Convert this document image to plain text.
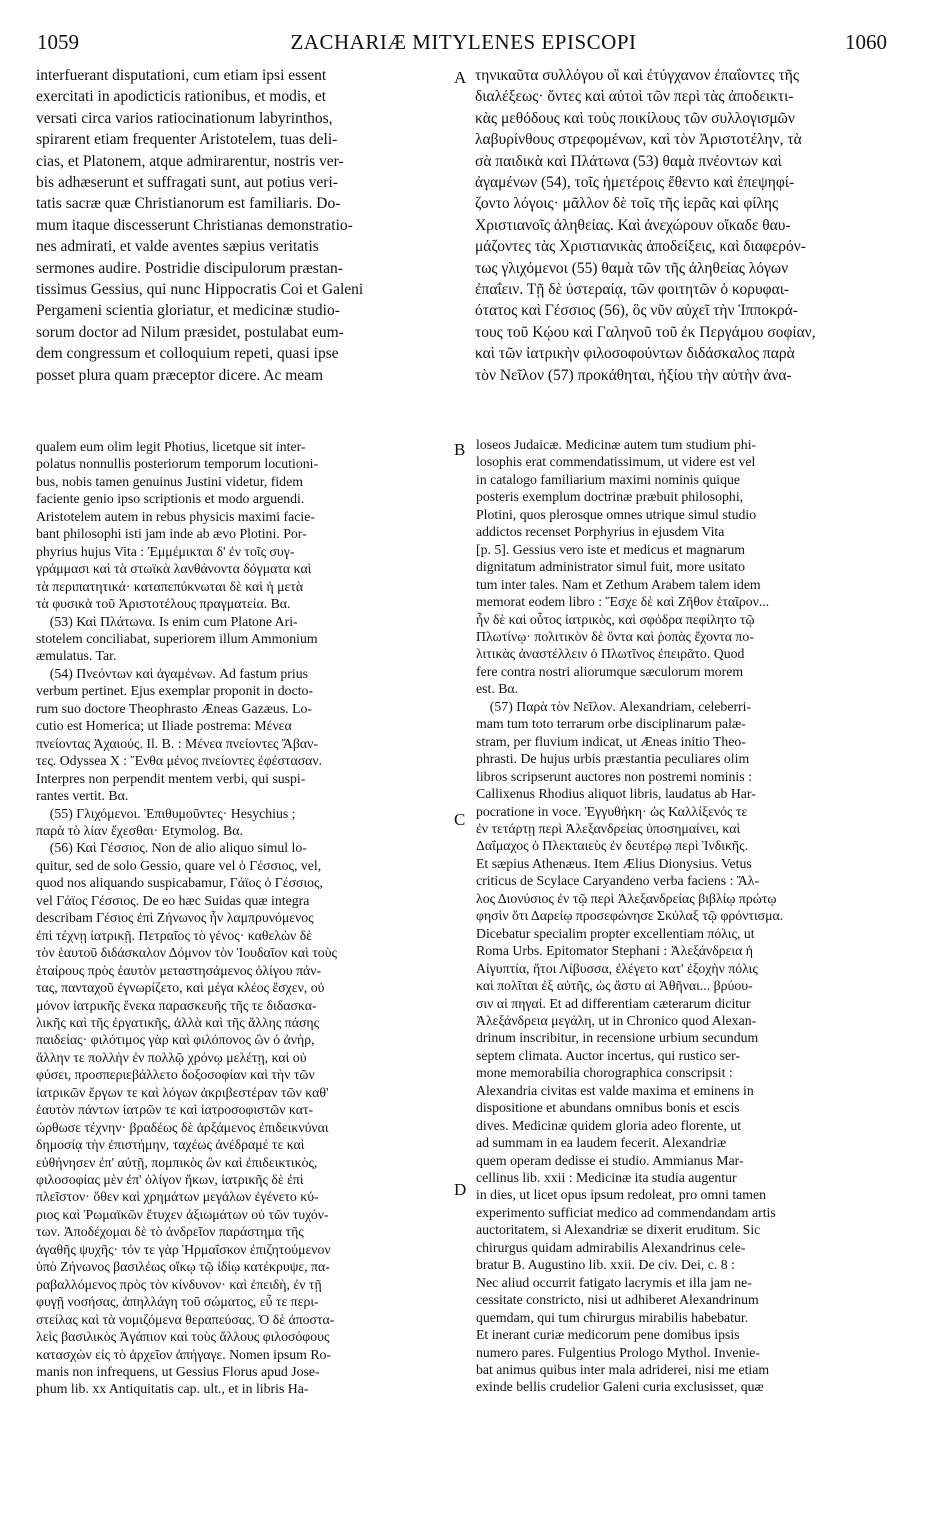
1059	ZACHARIÆ MITYLENES EPISCOPI	1060
interfuerant disputationi, cum etiam ipsi essent
exercitati in apodicticis rationibus, et modis, et
versati circa varios ratiocinationum labyrinthos,
spirarent etiam frequenter Aristotelem, tuas deli-
cias, et Platonem, atque admirarentur, nostris ver-
bis adhæserunt et suffragati sunt, aut potius veri-
tatis sacræ quæ Christianorum est familiaris. Do-
mum itaque discesserunt Christianas demonstratio-
nes admirati, et valde aventes sæpius veritatis
sermones audire. Postridie discipulorum præstan-
tissimus Gessius, qui nunc Hippocratis Coi et Galeni
Pergameni scientia gloriatur, et medicinæ studio-
sorum doctor ad Nilum præsidet, postulabat eum-
dem congressum et colloquium repeti, quasi ipse
posset plura quam præceptor dicere. Ac meam
τηνικαῦτα συλλόγου οἳ καὶ ἐτύγχανον ἐπαΐοντες τῆς
διαλέξεως· ὄντες καὶ αὐτοὶ τῶν περὶ τὰς ἀποδεικτι-
κὰς μεθόδους καὶ τοὺς ποικίλους τῶν συλλογισμῶν
λαβυρίνθους στρεφομένων, καὶ τὸν Ἀριστοτέλην, τὰ
σὰ παιδικὰ καὶ Πλάτωνα (53) θαμὰ πνέοντων καὶ
ἀγαμένων (54), τοῖς ἡμετέροις ἔθεντο καὶ ἐπεψηφί-
ζοντο λόγοις· μᾶλλον δὲ τοῖς τῆς ἱερᾶς καὶ φίλης
Χριστιανοῖς ἀληθείας. Καὶ ἀνεχώρουν οἴκαδε θαυ-
μάζοντες τὰς Χριστιανικὰς ἀποδείξεις, καὶ διαφερόν-
τως γλιχόμενοι (55) θαμὰ τῶν τῆς ἀληθείας λόγων
ἐπαΐειν. Τῇ δὲ ὑστεραίᾳ, τῶν φοιτητῶν ὁ κορυφαι-
ότατος καὶ Γέσσιος (56), ὃς νῦν αὐχεῖ τὴν Ἱπποκρά-
τους τοῦ Κῴου καὶ Γαληνοῦ τοῦ ἐκ Περγάμου σοφίαν,
καὶ τῶν ἰατρικὴν φιλοσοφούντων διδάσκαλος παρὰ
τὸν Νεῖλον (57) προκάθηται, ἠξίου τὴν αὐτὴν ἀνα-
A
B
C
D
qualem eum olim legit Photius, licetque sit inter-
polatus nonnullis posteriorum temporum locutioni-
bus, nobis tamen genuinus Justini videtur, fidem
faciente genio ipso scriptionis et modo arguendi.
Aristotelem autem in rebus physicis maximi facie-
bant philosophi isti jam inde ab ævo Plotini. Por-
phyrius hujus Vita : Ἐμμέμικται δ' ἐν τοῖς συγ-
γράμμασι καὶ τὰ στωϊκὰ λανθάνοντα δόγματα καὶ
τὰ περιπατητικά· καταπεπύκνωται δὲ καὶ ἡ μετὰ
τὰ φυσικὰ τοῦ Ἀριστοτέλους πραγματεία. Βα.
(53) Καὶ Πλάτωνα. Is enim cum Platone Ari-
stotelem conciliabat, superiorem illum Ammonium
æmulatus. Tar.
(54) Πνεόντων καὶ ἀγαμένων. Ad fastum prius
verbum pertinet. Ejus exemplar proponit in docto-
rum suo doctore Theophrasto Æneas Gazæus. Lo-
cutio est Homerica; ut Iliade postrema: Μένεα
πνείοντας Ἀχαιούς. Il. B. : Μένεα πνείοντες Ἄβαν-
τες. Odyssea X : Ἔνθα μένος πνείοντες ἐφέστασαν.
Interpres non perpendit mentem verbi, qui suspi-
rantes vertit. Βα.
(55) Γλιχόμενοι. Ἐπιθυμοῦντες· Hesychius ;
παρὰ τὸ λίαν ἔχεσθαι· Etymolog. Βα.
(56) Καὶ Γέσσιος. Non de alio aliquo simul lo-
quitur, sed de solo Gessio, quare vel ὁ Γέσσιος, vel,
quod nos aliquando suspicabamur, Γάϊος ὁ Γέσσιος,
vel Γάϊος Γέσσιος. De eo hæc Suidas quæ integra
describam Γέσιος ἐπὶ Ζήνωνος ἦν λαμπρυνόμενος
ἐπὶ τέχνῃ ἰατρικῇ. Πετραῖος τὸ γένος· καθελὼν δὲ
τὸν ἑαυτοῦ διδάσκαλον Δόμνον τὸν Ἰουδαῖον καὶ τοὺς
ἑταίρους πρὸς ἑαυτὸν μεταστησάμενος ὀλίγου πάν-
τας, πανταχοῦ ἐγνωρίζετο, καὶ μέγα κλέος ἔσχεν, οὐ
μόνον ἰατρικῆς ἕνεκα παρασκευῆς τῆς τε διδασκα-
λικῆς καὶ τῆς ἐργατικῆς, ἀλλὰ καὶ τῆς ἄλλης πάσης
παιδείας· φιλότιμος γὰρ καὶ φιλόπονος ὢν ὁ ἀνὴρ,
ἄλλην τε πολλὴν ἐν πολλῷ χρόνῳ μελέτῃ, καὶ οὐ
φύσει, προσπεριεβάλλετο δοξοσοφίαν καὶ τὴν τῶν
ἰατρικῶν ἔργων τε καὶ λόγων ἀκριβεστέραν τῶν καθ'
ἑαυτὸν πάντων ἰατρῶν τε καὶ ἰατροσοφιστῶν κατ-
ώρθωσε τέχνην· βραδέως δὲ ἀρξάμενος ἐπιδεικνύναι
δημοσίᾳ τὴν ἐπιστήμην, ταχέως ἀνέδραμέ τε καὶ
εὐθήνησεν ἐπ' αὐτῇ, πομπικὸς ὢν καὶ ἐπιδεικτικὸς,
φιλοσοφίας μὲν ἐπ' ὀλίγον ἥκων, ἰατρικῆς δὲ ἐπὶ
πλεῖστον· ὅθεν καὶ χρημάτων μεγάλων ἐγένετο κύ-
ριος καὶ Ῥωμαϊκῶν ἔτυχεν ἀξιωμάτων οὐ τῶν τυχόν-
των. Ἀποδέχομαι δὲ τὸ ἀνδρεῖον παράστημα τῆς
ἀγαθῆς ψυχῆς· τόν τε γὰρ Ἡρμαΐσκον ἐπιζητούμενον
ὑπὸ Ζήνωνος βασιλέως οἴκῳ τῷ ἰδίῳ κατέκρυψε, πα-
ραβαλλόμενος πρὸς τὸν κίνδυνον· καὶ ἐπειδὴ, ἐν τῇ
φυγῇ νοσήσας, ἀπηλλάγη τοῦ σώματος, εὖ τε περι-
στείλας καὶ τὰ νομιζόμενα θεραπεύσας. Ὁ δὲ ἀποστα-
λεὶς βασιλικὸς Ἀγάπιον καὶ τοὺς ἄλλους φιλοσόφους
κατασχὼν εἰς τὸ ἀρχεῖον ἀπήγαγε. Nomen ipsum Ro-
manis non infrequens, ut Gessius Florus apud Jose-
phum lib. xx Antiquitatis cap. ult., et in libris Ha-
loseos Judaicæ. Medicinæ autem tum studium phi-
losophis erat commendatissimum, ut videre est vel
in catalogo familiarium maximi nominis quique
posteris exemplum doctrinæ præbuit philosophi,
Plotini, quos plerosque omnes utrique simul studio
addictos recenset Porphyrius in ejusdem Vita
[p. 5]. Gessius vero iste et medicus et magnarum
dignitatum administrator simul fuit, more usitato
tum inter tales. Nam et Zethum Arabem talem idem
memorat eodem libro : Ἔσχε δὲ καὶ Ζῆθον ἑταῖρον...
ἦν δὲ καὶ οὗτος ἰατρικὸς, καὶ σφόδρα πεφίλητο τῷ
Πλωτίνῳ· πολιτικὸν δὲ ὄντα καὶ ῥοπὰς ἔχοντα πο-
λιτικὰς ἀναστέλλειν ὁ Πλωτῖνος ἐπειρᾶτο. Quod
fere contra nostri aliorumque sæculorum morem
est. Βα.
(57) Παρὰ τὸν Νεῖλον. Alexandriam, celeberri-
mam tum toto terrarum orbe disciplinarum palæ-
stram, per fluvium indicat, ut Æneas initio Theo-
phrasti. De hujus urbis præstantia peculiares olim
libros scripserunt auctores non postremi nominis :
Callixenus Rhodius aliquot libris, laudatus ab Har-
pocratione in voce. Ἐγγυθήκη· ὡς Καλλίξενός τε
ἐν τετάρτῃ περὶ Ἀλεξανδρείας ὑποσημαίνει, καὶ
Δαΐμαχος ὁ Πλεκταιεὺς ἐν δευτέρῳ περὶ Ἰνδικῆς.
Et sæpius Athenæus. Item Ælius Dionysius. Vetus
criticus de Scylace Caryandeno verba faciens : Ἄλ-
λος Διονύσιος ἐν τῷ περὶ Ἀλεξανδρείας βιβλίῳ πρώτῳ
φησὶν ὅτι Δαρείῳ προσεφώνησε Σκύλαξ τῷ φρόντισμα.
Dicebatur specialim propter excellentiam πόλις, ut
Roma Urbs. Epitomator Stephani : Ἀλεξάνδρεια ἡ
Αἰγυπτία, ἥτοι Λίβυσσα, ἐλέγετο κατ' ἐξοχὴν πόλις
καὶ πολῖται ἐξ αὐτῆς, ὡς ἄστυ αἱ Ἀθῆναι... βρύου-
σιν αἱ πηγαί. Et ad differentiam cæterarum dicitur
Ἀλεξάνδρεια μεγάλη, ut in Chronico quod Alexan-
drinum inscribitur, in recensione urbium secundum
septem climata. Auctor incertus, qui rustico ser-
mone memorabilia chorographica conscripsit :
Alexandria civitas est valde maxima et eminens in
dispositione et abundans omnibus bonis et escis
dives. Medicinæ quidem gloria adeo florente, ut
ad summam in ea laudem fecerit. Alexandriæ
quem operam dedisse ei studio. Ammianus Mar-
cellinus lib. xxii : Medicinæ ita studia augentur
in dies, ut licet opus ipsum redoleat, pro omni tamen
experimento sufficiat medico ad commendandam artis
auctoritatem, si Alexandriæ se dixerit eruditum. Sic
chirurgus quidam admirabilis Alexandrinus cele-
bratur B. Augustino lib. xxii. De civ. Dei, c. 8 :
Nec aliud occurrit fatigato lacrymis et illa jam ne-
cessitate constricto, nisi ut adhiberet Alexandrinum
quemdam, qui tum chirurgus mirabilis habebatur.
Et inerant curiæ medicorum pene domibus ipsis
numero pares. Fulgentius Prologo Mythol. Invenie-
bat animus quibus inter mala adriderei, nisi me etiam
exinde bellis crudelior Galeni curia exclusisset, quæ
